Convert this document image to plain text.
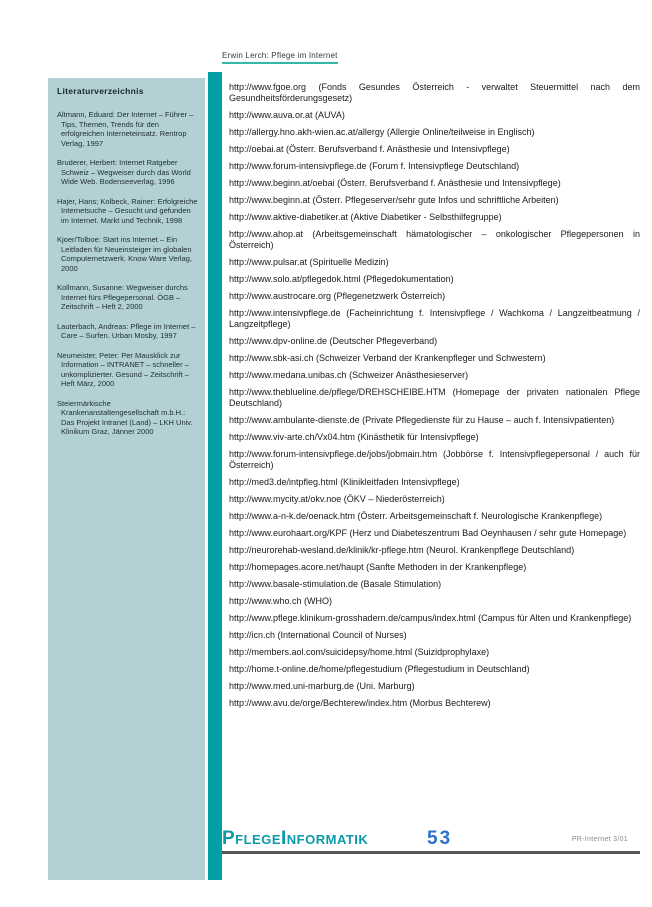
Erwin Lerch: Pflege im Internet
Literaturverzeichnis

Altmann, Eduard: Der Internet – Führer – Tips, Themen, Trends für den erfolgreichen Interneteinsatz. Rentrop Verlag, 1997

Bruderer, Herbert: Internet Ratgeber Schweiz – Wegweiser durch das World Wide Web. Bodenseeverlag, 1996

Hajer, Hans; Kolbeck, Rainer: Erfolgreiche Internetsuche – Gesucht und gefunden im Internet. Markt und Technik, 1998

Kjoer/Tolboe: Start ins Internet – Ein Leitfaden für Neueinsteiger im globalen Computernetzwerk. Know Ware Verlag, 2000

Kollmann, Susanne: Wegweiser durchs Internet fürs Pflegepersonal. ÖGB – Zeitschrift – Heft 2, 2000

Lauterbach, Andreas: Pflege im Internet – Care – Surfen. Urban Mosby, 1997

Neumeister, Peter: Per Mausklick zur Information – INTRANET – schneller – unkomplizierter. Gesund – Zeitschrift – Heft März, 2000

Steiermärkische Krankenanstaltengesellschaft m.b.H.: Das Projekt Intranet (Land) – LKH Univ. Klinikum Graz, Jänner 2000

http://www.fgoe.org (Fonds Gesundes Österreich - verwaltet Steuermittel nach dem Gesundheitsförderungsgesetz)

http://www.auva.or.at (AUVA)

http://allergy.hno.akh-wien.ac.at/allergy (Allergie Online/teilweise in Englisch)

http://oebai.at (Österr. Berufsverband f. Anästhesie und Intensivpflege)

http://www.forum-intensivpflege.de (Forum f. Intensivpflege Deutschland)

http://www.beginn.at/oebai (Österr. Berufsverband f. Anästhesie und Intensivpflege)

http://www.beginn.at (Österr. Pflegeserver/sehr gute Infos und schriftliche Arbeiten)

http://www.aktive-diabetiker.at (Aktive Diabetiker - Selbsthilfegruppe)

http://www.ahop.at (Arbeitsgemeinschaft hämatologischer – onkologischer Pflegepersonen in Österreich)

http://www.pulsar.at (Spirituelle Medizin)

http://www.solo.at/pflegedok.html (Pflegedokumentation)

http://www.austrocare.org (Pflegenetzwerk Österreich)

http://www.intensivpflege.de (Facheinrichtung f. Intensivpflege / Wachkoma / Langzeitbeatmung / Langzeitpflege)

http://www.dpv-online.de (Deutscher Pflegeverband)

http://www.sbk-asi.ch (Schweizer Verband der Krankenpfleger und Schwestern)

http://www.medana.unibas.ch (Schweizer Anästhesieserver)

http://www.theblueline.de/pflege/DREHSCHEIBE.HTM (Homepage der privaten nationalen Pflege Deutschland)

http://www.ambulante-dienste.de (Private Pflegedienste für zu Hause – auch f. Intensivpatienten)

http://www.viv-arte.ch/Vx04.htm (Kinästhetik für Intensivpflege)

http://www.forum-intensivpflege.de/jobs/jobmain.htm (Jobbörse f. Intensivpflegepersonal / auch für Österreich)

http://med3.de/intpfleg.html (Klinikleitfaden Intensivpflege)

http://www.mycity.at/okv.noe (ÖKV – Niederösterreich)

http://www.a-n-k.de/oenack.htm (Österr. Arbeitsgemeinschaft f. Neurologische Krankenpflege)

http://www.eurohaart.org/KPF (Herz und Diabeteszentrum Bad Oeynhausen / sehr gute Homepage)

http://neurorehab-wesland.de/klinik/kr-pflege.htm (Neurol. Krankenpflege Deutschland)

http://homepages.acore.net/haupt (Sanfte Methoden in der Krankenpflege)

http://www.basale-stimulation.de (Basale Stimulation)

http://www.who.ch (WHO)

http://www.pflege.klinikum-grosshadern.de/campus/index.html (Campus für Alten und Krankenpflege)

http://icn.ch (International Council of Nurses)

http://members.aol.com/suicidepsy/home.html (Suizidprophylaxe)

http://home.t-online.de/home/pflegestudium (Pflegestudium in Deutschland)

http://www.med.uni-marburg.de (Uni. Marburg)

http://www.avu.de/orge/Bechterew/index.htm (Morbus Bechterew)

PflegeInformatik	53	PR-Internet 3/01
